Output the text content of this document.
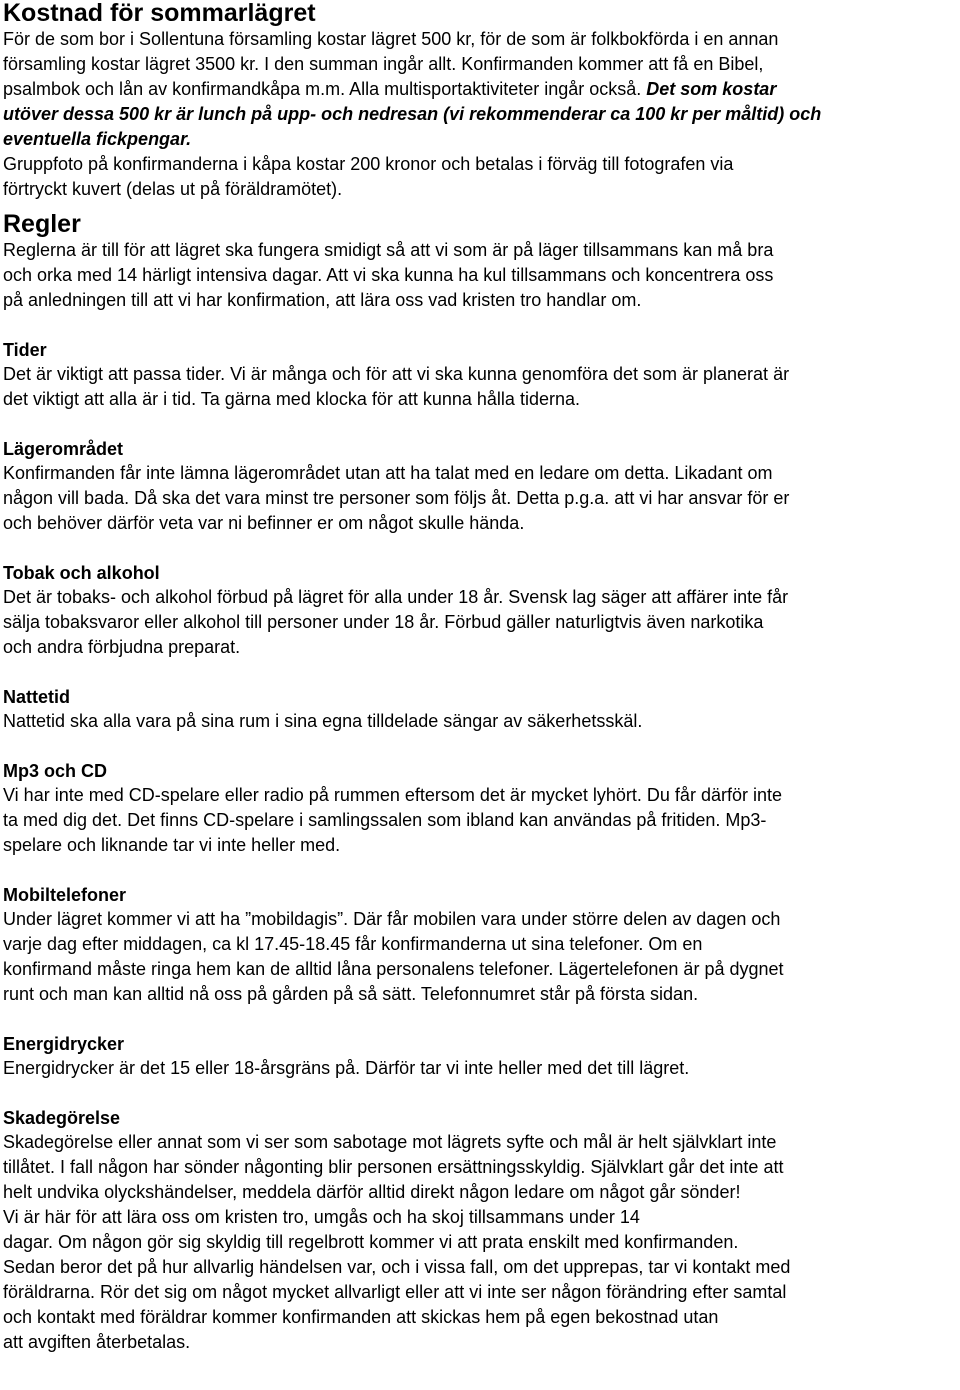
Kostnad för sommarlägret

För de som bor i Sollentuna församling kostar lägret 500 kr, för de som är folkbokförda i en annan
församling kostar lägret 3500 kr. I den summan ingår allt. Konfirmanden kommer att få en Bibel,
psalmbok och lån av konfirmandkåpa m.m. Alla multisportaktiviteter ingår också. Det som kostar
utöver dessa 500 kr är lunch på upp- och nedresan (vi rekommenderar ca 100 kr per måltid) och
eventuella fickpengar.

Gruppfoto på konfirmanderna i kåpa kostar 200 kronor och betalas i förväg till fotografen via
förtryckt kuvert (delas ut på föräldramötet).

Regler

Reglerna är till för att lägret ska fungera smidigt så att vi som är på läger tillsammans kan må bra
och orka med 14 härligt intensiva dagar. Att vi ska kunna ha kul tillsammans och koncentrera oss
på anledningen till att vi har konfirmation, att lära oss vad kristen tro handlar om.

Tider

Det är viktigt att passa tider. Vi är många och för att vi ska kunna genomföra det som är planerat är
det viktigt att alla är i tid. Ta gärna med klocka för att kunna hålla tiderna.

Lägerområdet

Konfirmanden får inte lämna lägerområdet utan att ha talat med en ledare om detta. Likadant om
någon vill bada. Då ska det vara minst tre personer som följs åt. Detta p.g.a. att vi har ansvar för er
och behöver därför veta var ni befinner er om något skulle hända.

Tobak och alkohol

Det är tobaks- och alkohol förbud på lägret för alla under 18 år. Svensk lag säger att affärer inte får
sälja tobaksvaror eller alkohol till personer under 18 år. Förbud gäller naturligtvis även narkotika
och andra förbjudna preparat.

Nattetid

Nattetid ska alla vara på sina rum i sina egna tilldelade sängar av säkerhetsskäl.

Mp3 och CD

Vi har inte med CD-spelare eller radio på rummen eftersom det är mycket lyhört. Du får därför inte
ta med dig det. Det finns CD-spelare i samlingssalen som ibland kan användas på fritiden. Mp3-
spelare och liknande tar vi inte heller med.

Mobiltelefoner

Under lägret kommer vi att ha ”mobildagis”. Där får mobilen vara under större delen av dagen och
varje dag efter middagen, ca kl 17.45-18.45 får konfirmanderna ut sina telefoner. Om en
konfirmand måste ringa hem kan de alltid låna personalens telefoner. Lägertelefonen är på dygnet
runt och man kan alltid nå oss på gården på så sätt. Telefonnumret står på första sidan.

Energidrycker

Energidrycker är det 15 eller 18-årsgräns på. Därför tar vi inte heller med det till lägret.

Skadegörelse

Skadegörelse eller annat som vi ser som sabotage mot lägrets syfte och mål är helt självklart inte
tillåtet. I fall någon har sönder någonting blir personen ersättningsskyldig. Självklart går det inte att
helt undvika olyckshändelser, meddela därför alltid direkt någon ledare om något går sönder!
Vi är här för att lära oss om kristen tro, umgås och ha skoj tillsammans under 14
dagar. Om någon gör sig skyldig till regelbrott kommer vi att prata enskilt med konfirmanden.
Sedan beror det på hur allvarlig händelsen var, och i vissa fall, om det upprepas, tar vi kontakt med
föräldrarna. Rör det sig om något mycket allvarligt eller att vi inte ser någon förändring efter samtal
och kontakt med föräldrar kommer konfirmanden att skickas hem på egen bekostnad utan
att avgiften återbetalas.
